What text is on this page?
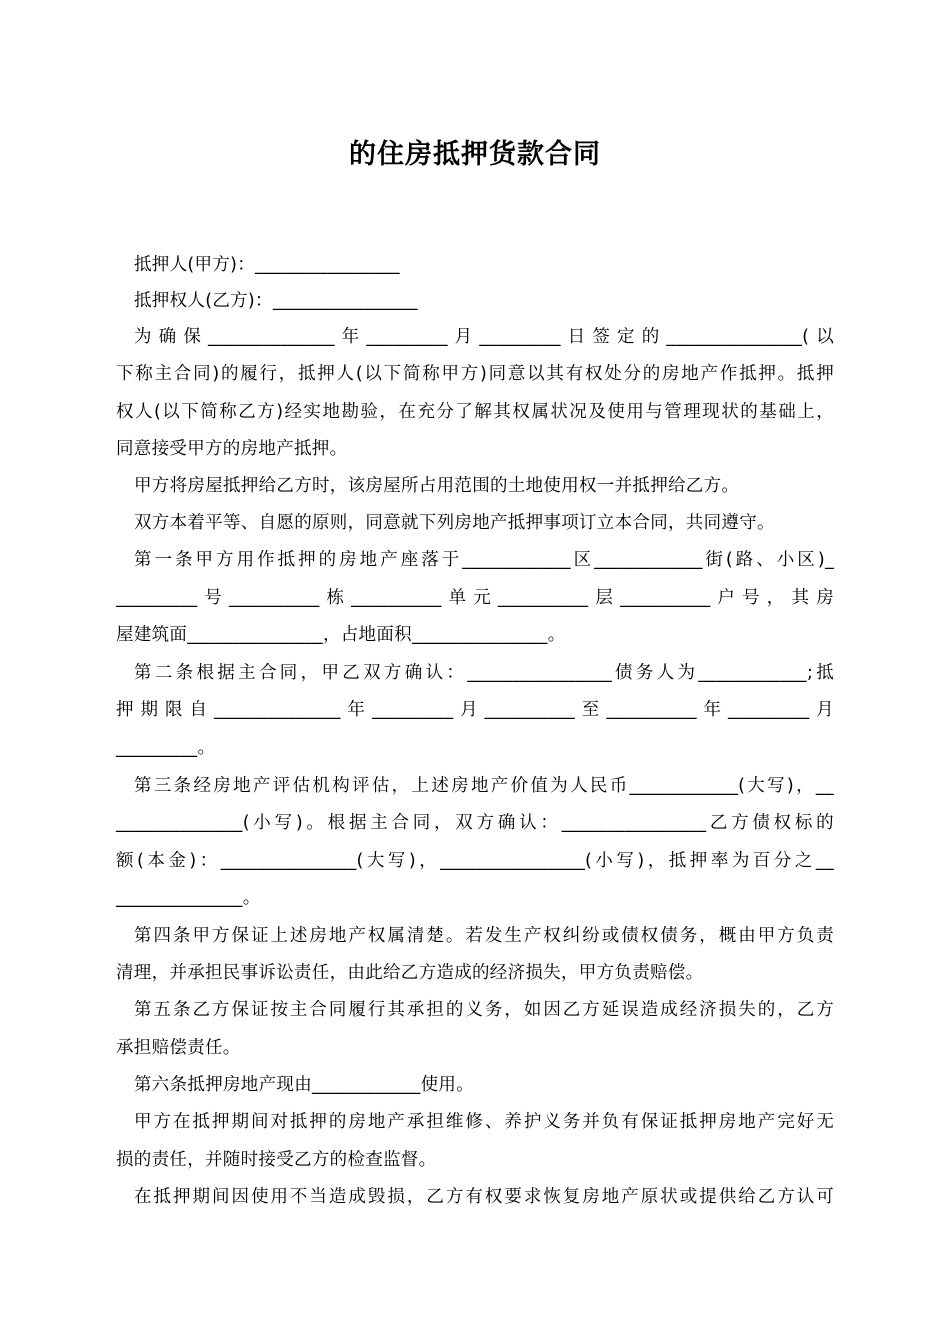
的住房抵押货款合同
抵押人(甲方)：________________
抵押权人(乙方)：________________
为确保______________年_________月_________日签定的_______________(以
下称主合同)的履行，抵押人(以下简称甲方)同意以其有权处分的房地产作抵押。抵押
权人(以下简称乙方)经实地勘验，在充分了解其权属状况及使用与管理现状的基础上，
同意接受甲方的房地产抵押。
甲方将房屋抵押给乙方时，该房屋所占用范围的土地使用权一并抵押给乙方。
双方本着平等、自愿的原则，同意就下列房地产抵押事项订立本合同，共同遵守。
第一条甲方用作抵押的房地产座落于____________区____________街(路、小区)_
_________号__________栋__________单元__________层__________户号，其房
屋建筑面_______________，占地面积_______________。
第二条根据主合同，甲乙双方确认：________________债务人为____________;抵
押期限自______________年_________月__________至__________年_________月
_________。
第三条经房地产评估机构评估，上述房地产价值为人民币____________(大写)，__
______________(小写)。根据主合同，双方确认：________________乙方债权标的
额(本金)：_______________(大写)，________________(小写)，抵押率为百分之__
______________。
第四条甲方保证上述房地产权属清楚。若发生产权纠纷或债权债务，概由甲方负责
清理，并承担民事诉讼责任，由此给乙方造成的经济损失，甲方负责赔偿。
第五条乙方保证按主合同履行其承担的义务，如因乙方延误造成经济损失的，乙方
承担赔偿责任。
第六条抵押房地产现由____________使用。
甲方在抵押期间对抵押的房地产承担维修、养护义务并负有保证抵押房地产完好无
损的责任，并随时接受乙方的检查监督。
在抵押期间因使用不当造成毁损，乙方有权要求恢复房地产原状或提供给乙方认可
